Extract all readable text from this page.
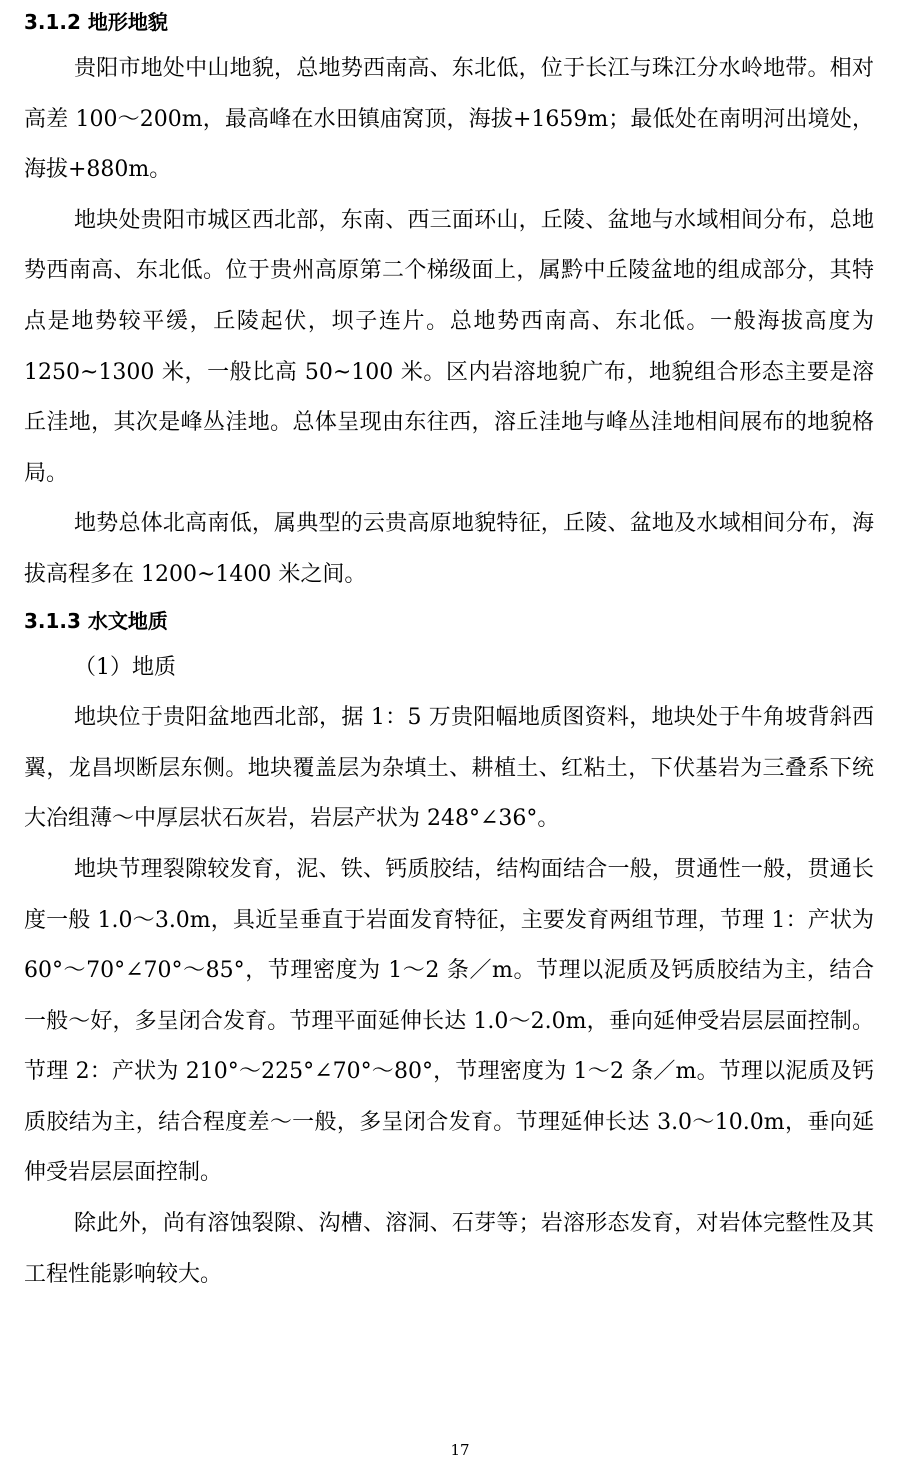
3.1.2 地形地貌

贵阳市地处中山地貌，总地势西南高、东北低，位于长江与珠江分水岭地带。相对高差 100～200m，最高峰在水田镇庙窝顶，海拔+1659m；最低处在南明河出境处，海拔+880m。

地块处贵阳市城区西北部，东南、西三面环山，丘陵、盆地与水域相间分布，总地势西南高、东北低。位于贵州高原第二个梯级面上，属黔中丘陵盆地的组成部分，其特点是地势较平缓，丘陵起伏，坝子连片。总地势西南高、东北低。一般海拔高度为 1250~1300 米，一般比高 50~100 米。区内岩溶地貌广布，地貌组合形态主要是溶丘洼地，其次是峰丛洼地。总体呈现由东往西，溶丘洼地与峰丛洼地相间展布的地貌格局。

地势总体北高南低，属典型的云贵高原地貌特征，丘陵、盆地及水域相间分布，海拔高程多在 1200~1400 米之间。

3.1.3 水文地质

（1）地质

地块位于贵阳盆地西北部，据 1：5 万贵阳幅地质图资料，地块处于牛角坡背斜西翼，龙昌坝断层东侧。地块覆盖层为杂填土、耕植土、红粘土，下伏基岩为三叠系下统大冶组薄～中厚层状石灰岩，岩层产状为 248°∠36°。

地块节理裂隙较发育，泥、铁、钙质胶结，结构面结合一般，贯通性一般，贯通长度一般 1.0～3.0m，具近呈垂直于岩面发育特征，主要发育两组节理，节理 1：产状为 60°～70°∠70°～85°，节理密度为 1～2 条／m。节理以泥质及钙质胶结为主，结合一般～好，多呈闭合发育。节理平面延伸长达 1.0～2.0m，垂向延伸受岩层层面控制。节理 2：产状为 210°～225°∠70°～80°，节理密度为 1～2 条／m。节理以泥质及钙质胶结为主，结合程度差～一般，多呈闭合发育。节理延伸长达 3.0～10.0m，垂向延伸受岩层层面控制。

除此外，尚有溶蚀裂隙、沟槽、溶洞、石芽等；岩溶形态发育，对岩体完整性及其工程性能影响较大。

17
